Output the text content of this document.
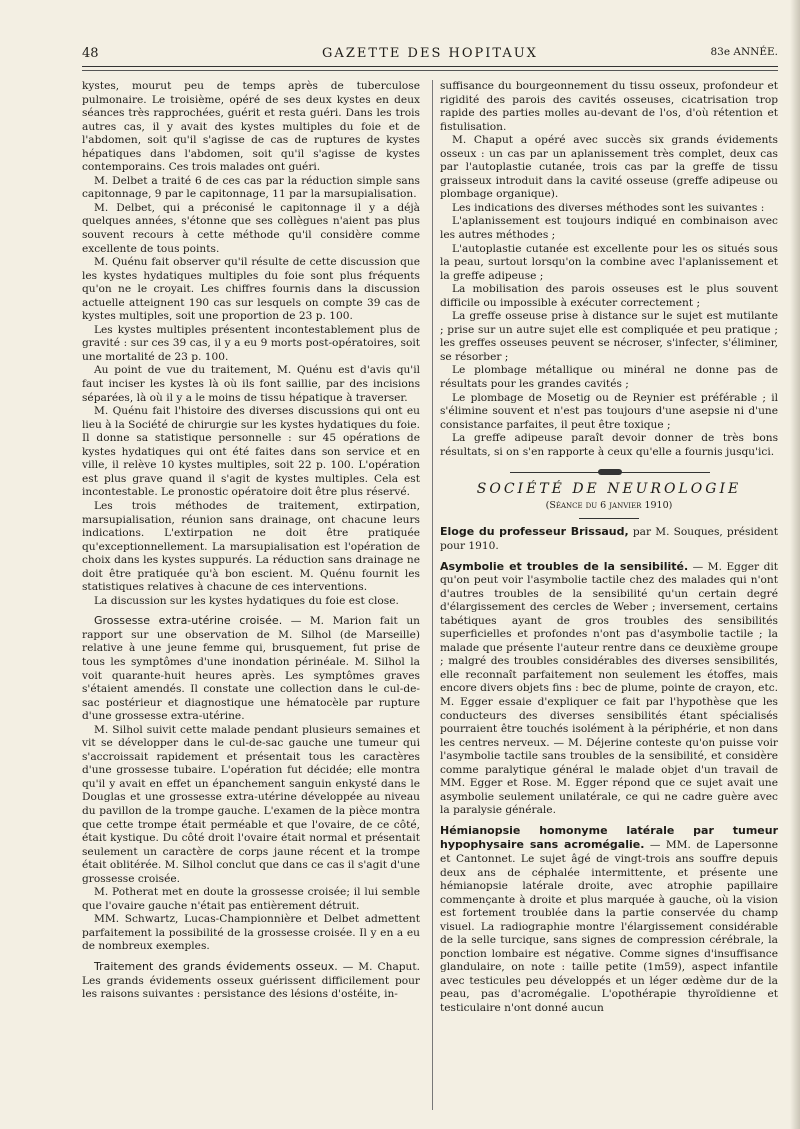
48	GAZETTE DES HOPITAUX	83e ANNÉE.

kystes, mourut peu de temps après de tuberculose pulmonaire. Le troisième, opéré de ses deux kystes en deux séances très rapprochées, guérit et resta guéri. Dans les trois autres cas, il y avait des kystes multiples du foie et de l'abdomen, soit qu'il s'agisse de cas de ruptures de kystes hépatiques dans l'abdomen, soit qu'il s'agisse de kystes contemporains. Ces trois malades ont guéri.

M. Delbet a traité 6 de ces cas par la réduction simple sans capitonnage, 9 par le capitonnage, 11 par la marsupialisation.

M. Delbet, qui a préconisé le capitonnage il y a déjà quelques années, s'étonne que ses collègues n'aient pas plus souvent recours à cette méthode qu'il considère comme excellente de tous points.

M. Quénu fait observer qu'il résulte de cette discussion que les kystes hydatiques multiples du foie sont plus fréquents qu'on ne le croyait. Les chiffres fournis dans la discussion actuelle atteignent 190 cas sur lesquels on compte 39 cas de kystes multiples, soit une proportion de 23 p. 100.

Les kystes multiples présentent incontestablement plus de gravité : sur ces 39 cas, il y a eu 9 morts post-opératoires, soit une mortalité de 23 p. 100.

Au point de vue du traitement, M. Quénu est d'avis qu'il faut inciser les kystes là où ils font saillie, par des incisions séparées, là où il y a le moins de tissu hépatique à traverser.

M. Quénu fait l'histoire des diverses discussions qui ont eu lieu à la Société de chirurgie sur les kystes hydatiques du foie. Il donne sa statistique personnelle : sur 45 opérations de kystes hydatiques qui ont été faites dans son service et en ville, il relève 10 kystes multiples, soit 22 p. 100. L'opération est plus grave quand il s'agit de kystes multiples. Cela est incontestable. Le pronostic opératoire doit être plus réservé.

Les trois méthodes de traitement, extirpation, marsupialisation, réunion sans drainage, ont chacune leurs indications. L'extirpation ne doit être pratiquée qu'exceptionnellement. La marsupialisation est l'opération de choix dans les kystes suppurés. La réduction sans drainage ne doit être pratiquée qu'à bon escient. M. Quénu fournit les statistiques relatives à chacune de ces interventions.

La discussion sur les kystes hydatiques du foie est close.

Grossesse extra-utérine croisée. — M. Marion fait un rapport sur une observation de M. Silhol (de Marseille) relative à une jeune femme qui, brusquement, fut prise de tous les symptômes d'une inondation périnéale. M. Silhol la voit quarante-huit heures après. Les symptômes graves s'étaient amendés. Il constate une collection dans le cul-de-sac postérieur et diagnostique une hématocèle par rupture d'une grossesse extra-utérine.

M. Silhol suivit cette malade pendant plusieurs semaines et vit se développer dans le cul-de-sac gauche une tumeur qui s'accroissait rapidement et présentait tous les caractères d'une grossesse tubaire. L'opération fut décidée; elle montra qu'il y avait en effet un épanchement sanguin enkysté dans le Douglas et une grossesse extra-utérine développée au niveau du pavillon de la trompe gauche. L'examen de la pièce montra que cette trompe était perméable et que l'ovaire, de ce côté, était kystique. Du côté droit l'ovaire était normal et présentait seulement un caractère de corps jaune récent et la trompe était oblitérée. M. Silhol conclut que dans ce cas il s'agit d'une grossesse croisée.

M. Potherat met en doute la grossesse croisée; il lui semble que l'ovaire gauche n'était pas entièrement détruit.

MM. Schwartz, Lucas-Championnière et Delbet admettent parfaitement la possibilité de la grossesse croisée. Il y en a eu de nombreux exemples.

Traitement des grands évidements osseux. — M. Chaput. Les grands évidements osseux guérissent difficilement pour les raisons suivantes : persistance des lésions d'ostéite, in-

suffisance du bourgeonnement du tissu osseux, profondeur et rigidité des parois des cavités osseuses, cicatrisation trop rapide des parties molles au-devant de l'os, d'où rétention et fistulisation.

M. Chaput a opéré avec succès six grands évidements osseux : un cas par un aplanissement très complet, deux cas par l'autoplastie cutanée, trois cas par la greffe de tissu graisseux introduit dans la cavité osseuse (greffe adipeuse ou plombage organique).

Les indications des diverses méthodes sont les suivantes :

L'aplanissement est toujours indiqué en combinaison avec les autres méthodes ;

L'autoplastie cutanée est excellente pour les os situés sous la peau, surtout lorsqu'on la combine avec l'aplanissement et la greffe adipeuse ;

La mobilisation des parois osseuses est le plus souvent difficile ou impossible à exécuter correctement ;

La greffe osseuse prise à distance sur le sujet est mutilante ; prise sur un autre sujet elle est compliquée et peu pratique ; les greffes osseuses peuvent se nécroser, s'infecter, s'éliminer, se résorber ;

Le plombage métallique ou minéral ne donne pas de résultats pour les grandes cavités ;

Le plombage de Mosetig ou de Reynier est préférable ; il s'élimine souvent et n'est pas toujours d'une asepsie ni d'une consistance parfaites, il peut être toxique ;

La greffe adipeuse paraît devoir donner de très bons résultats, si on s'en rapporte à ceux qu'elle a fournis jusqu'ici.

SOCIÉTÉ DE NEUROLOGIE
(Séance du 6 janvier 1910)

Eloge du professeur Brissaud, par M. Souques, président pour 1910.

Asymbolie et troubles de la sensibilité. — M. Egger dit qu'on peut voir l'asymbolie tactile chez des malades qui n'ont d'autres troubles de la sensibilité qu'un certain degré d'élargissement des cercles de Weber ; inversement, certains tabétiques ayant de gros troubles des sensibilités superficielles et profondes n'ont pas d'asymbolie tactile ; la malade que présente l'auteur rentre dans ce deuxième groupe ; malgré des troubles considérables des diverses sensibilités, elle reconnaît parfaitement non seulement les étoffes, mais encore divers objets fins : bec de plume, pointe de crayon, etc. M. Egger essaie d'expliquer ce fait par l'hypothèse que les conducteurs des diverses sensibilités étant spécialisés pourraient être touchés isolément à la périphérie, et non dans les centres nerveux. — M. Déjerine conteste qu'on puisse voir l'asymbolie tactile sans troubles de la sensibilité, et considère comme paralytique général le malade objet d'un travail de MM. Egger et Rose. M. Egger répond que ce sujet avait une asymbolie seulement unilatérale, ce qui ne cadre guère avec la paralysie générale.

Hémianopsie homonyme latérale par tumeur hypophysaire sans acromégalie. — MM. de Lapersonne et Cantonnet. Le sujet âgé de vingt-trois ans souffre depuis deux ans de céphalée intermittente, et présente une hémianopsie latérale droite, avec atrophie papillaire commençante à droite et plus marquée à gauche, où la vision est fortement troublée dans la partie conservée du champ visuel. La radiographie montre l'élargissement considérable de la selle turcique, sans signes de compression cérébrale, la ponction lombaire est négative. Comme signes d'insuffisance glandulaire, on note : taille petite (1m59), aspect infantile avec testicules peu développés et un léger œdème dur de la peau, pas d'acromégalie. L'opothérapie thyroïdienne et testiculaire n'ont donné aucun
